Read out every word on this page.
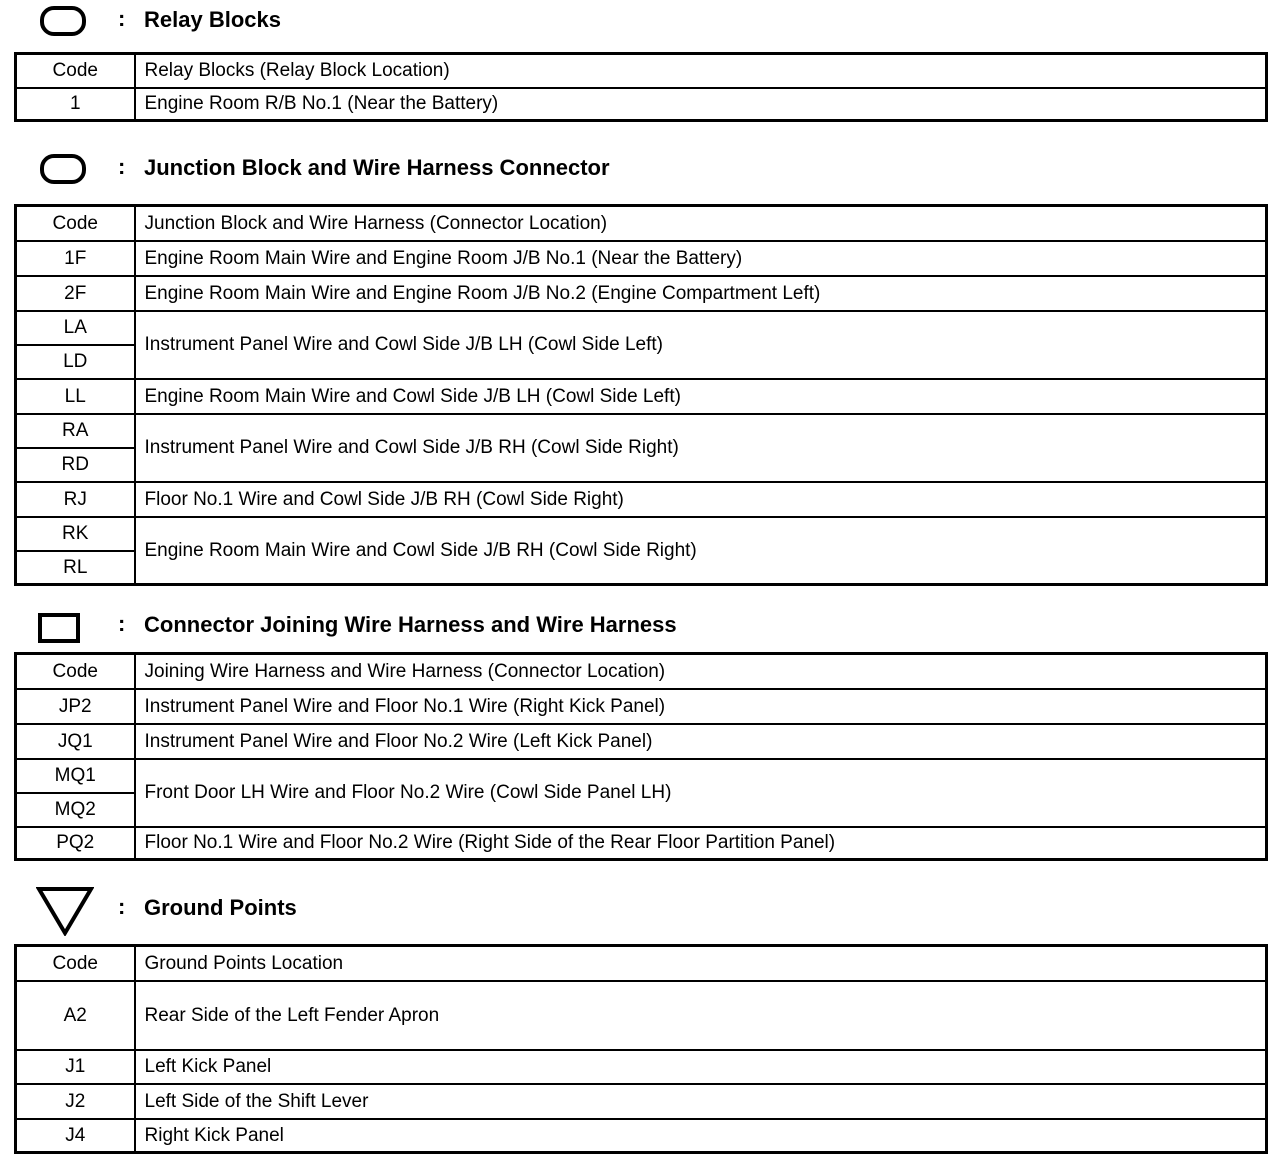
: Relay Blocks
Code	Relay Blocks (Relay Block Location)
1	Engine Room R/B No.1 (Near the Battery)
: Junction Block and Wire Harness Connector
Code	Junction Block and Wire Harness (Connector Location)
1F	Engine Room Main Wire and Engine Room J/B No.1 (Near the Battery)
2F	Engine Room Main Wire and Engine Room J/B No.2 (Engine Compartment Left)
LA	Instrument Panel Wire and Cowl Side J/B LH (Cowl Side Left)
LD	
LL	Engine Room Main Wire and Cowl Side J/B LH (Cowl Side Left)
RA	Instrument Panel Wire and Cowl Side J/B RH (Cowl Side Right)
RD	
RJ	Floor No.1 Wire and Cowl Side J/B RH (Cowl Side Right)
RK	Engine Room Main Wire and Cowl Side J/B RH (Cowl Side Right)
RL	
: Connector Joining Wire Harness and Wire Harness
Code	Joining Wire Harness and Wire Harness (Connector Location)
JP2	Instrument Panel Wire and Floor No.1 Wire (Right Kick Panel)
JQ1	Instrument Panel Wire and Floor No.2 Wire (Left Kick Panel)
MQ1	Front Door LH Wire and Floor No.2 Wire (Cowl Side Panel LH)
MQ2	
PQ2	Floor No.1 Wire and Floor No.2 Wire (Right Side of the Rear Floor Partition Panel)
: Ground Points
Code	Ground Points Location
A2	Rear Side of the Left Fender Apron
J1	Left Kick Panel
J2	Left Side of the Shift Lever
J4	Right Kick Panel
